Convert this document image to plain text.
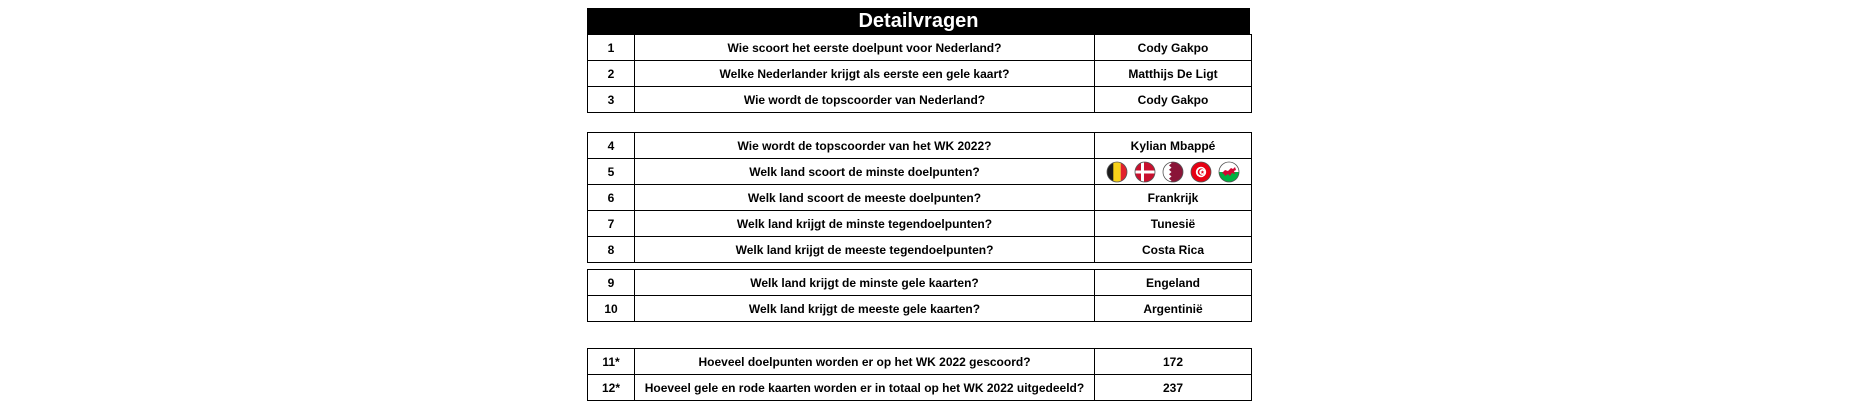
Detailvragen
1	Wie scoort het eerste doelpunt voor Nederland?	Cody Gakpo
2	Welke Nederlander krijgt als eerste een gele kaart?	Matthijs De Ligt
3	Wie wordt de topscoorder van Nederland?	Cody Gakpo
4	Wie wordt de topscoorder van het WK 2022?	Kylian Mbappé
5	Welk land scoort de minste doelpunten?	

6	Welk land scoort de meeste doelpunten?	Frankrijk
7	Welk land krijgt de minste tegendoelpunten?	Tunesië
8	Welk land krijgt de meeste tegendoelpunten?	Costa Rica
9	Welk land krijgt de minste gele kaarten?	Engeland
10	Welk land krijgt de meeste gele kaarten?	Argentinië
11*	Hoeveel doelpunten worden er op het WK 2022 gescoord?	172
12*	Hoeveel gele en rode kaarten worden er in totaal op het WK 2022 uitgedeeld?	237
